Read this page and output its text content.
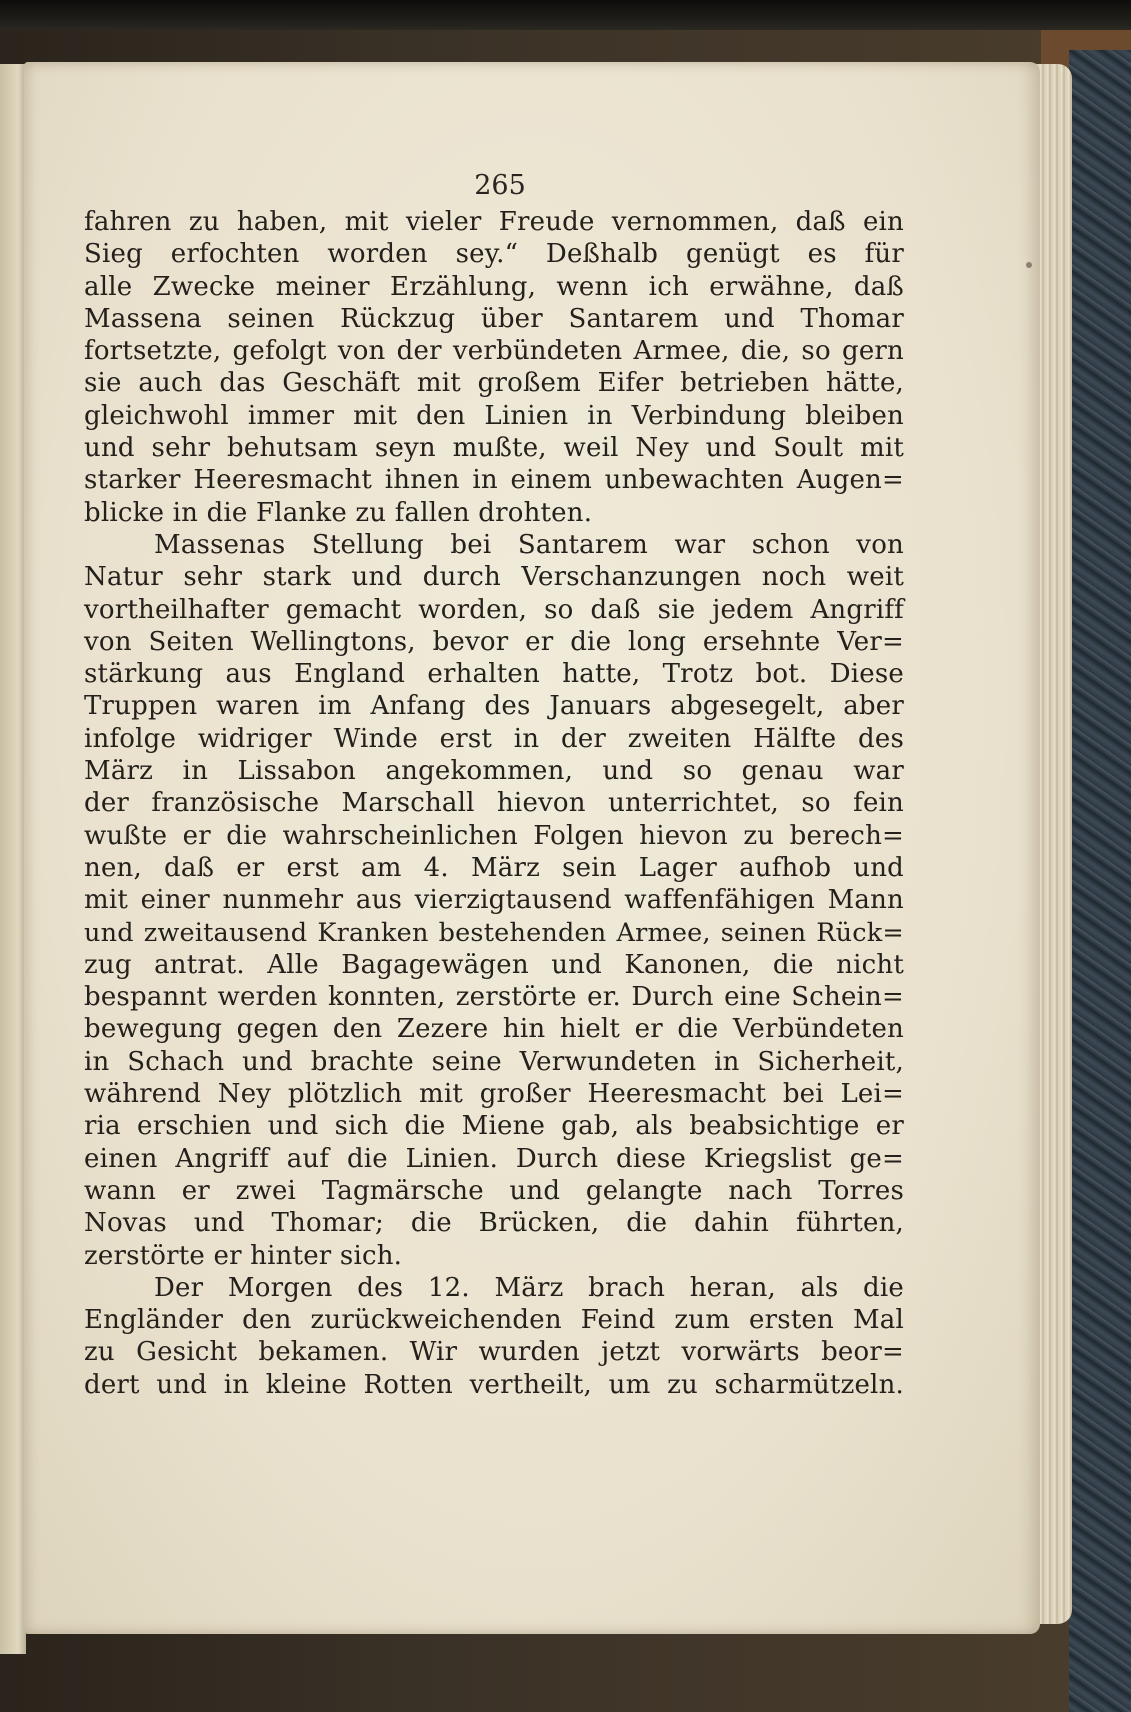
265
fahren zu haben, mit vieler Freude vernommen, daß ein
Sieg erfochten worden sey.“ Deßhalb genügt es für
alle Zwecke meiner Erzählung, wenn ich erwähne, daß
Massena seinen Rückzug über Santarem und Thomar
fortsetzte, gefolgt von der verbündeten Armee, die, so gern
sie auch das Geschäft mit großem Eifer betrieben hätte,
gleichwohl immer mit den Linien in Verbindung bleiben
und sehr behutsam seyn mußte, weil Ney und Soult mit
starker Heeresmacht ihnen in einem unbewachten Augen=
blicke in die Flanke zu fallen drohten.
Massenas Stellung bei Santarem war schon von
Natur sehr stark und durch Verschanzungen noch weit
vortheilhafter gemacht worden, so daß sie jedem Angriff
von Seiten Wellingtons, bevor er die long ersehnte Ver=
stärkung aus England erhalten hatte, Trotz bot. Diese
Truppen waren im Anfang des Januars abgesegelt, aber
infolge widriger Winde erst in der zweiten Hälfte des
März in Lissabon angekommen, und so genau war
der französische Marschall hievon unterrichtet, so fein
wußte er die wahrscheinlichen Folgen hievon zu berech=
nen, daß er erst am 4. März sein Lager aufhob und
mit einer nunmehr aus vierzigtausend waffenfähigen Mann
und zweitausend Kranken bestehenden Armee, seinen Rück=
zug antrat. Alle Bagagewägen und Kanonen, die nicht
bespannt werden konnten, zerstörte er. Durch eine Schein=
bewegung gegen den Zezere hin hielt er die Verbündeten
in Schach und brachte seine Verwundeten in Sicherheit,
während Ney plötzlich mit großer Heeresmacht bei Lei=
ria erschien und sich die Miene gab, als beabsichtige er
einen Angriff auf die Linien. Durch diese Kriegslist ge=
wann er zwei Tagmärsche und gelangte nach Torres
Novas und Thomar; die Brücken, die dahin führten,
zerstörte er hinter sich.
Der Morgen des 12. März brach heran, als die
Engländer den zurückweichenden Feind zum ersten Mal
zu Gesicht bekamen. Wir wurden jetzt vorwärts beor=
dert und in kleine Rotten vertheilt, um zu scharmützeln.
